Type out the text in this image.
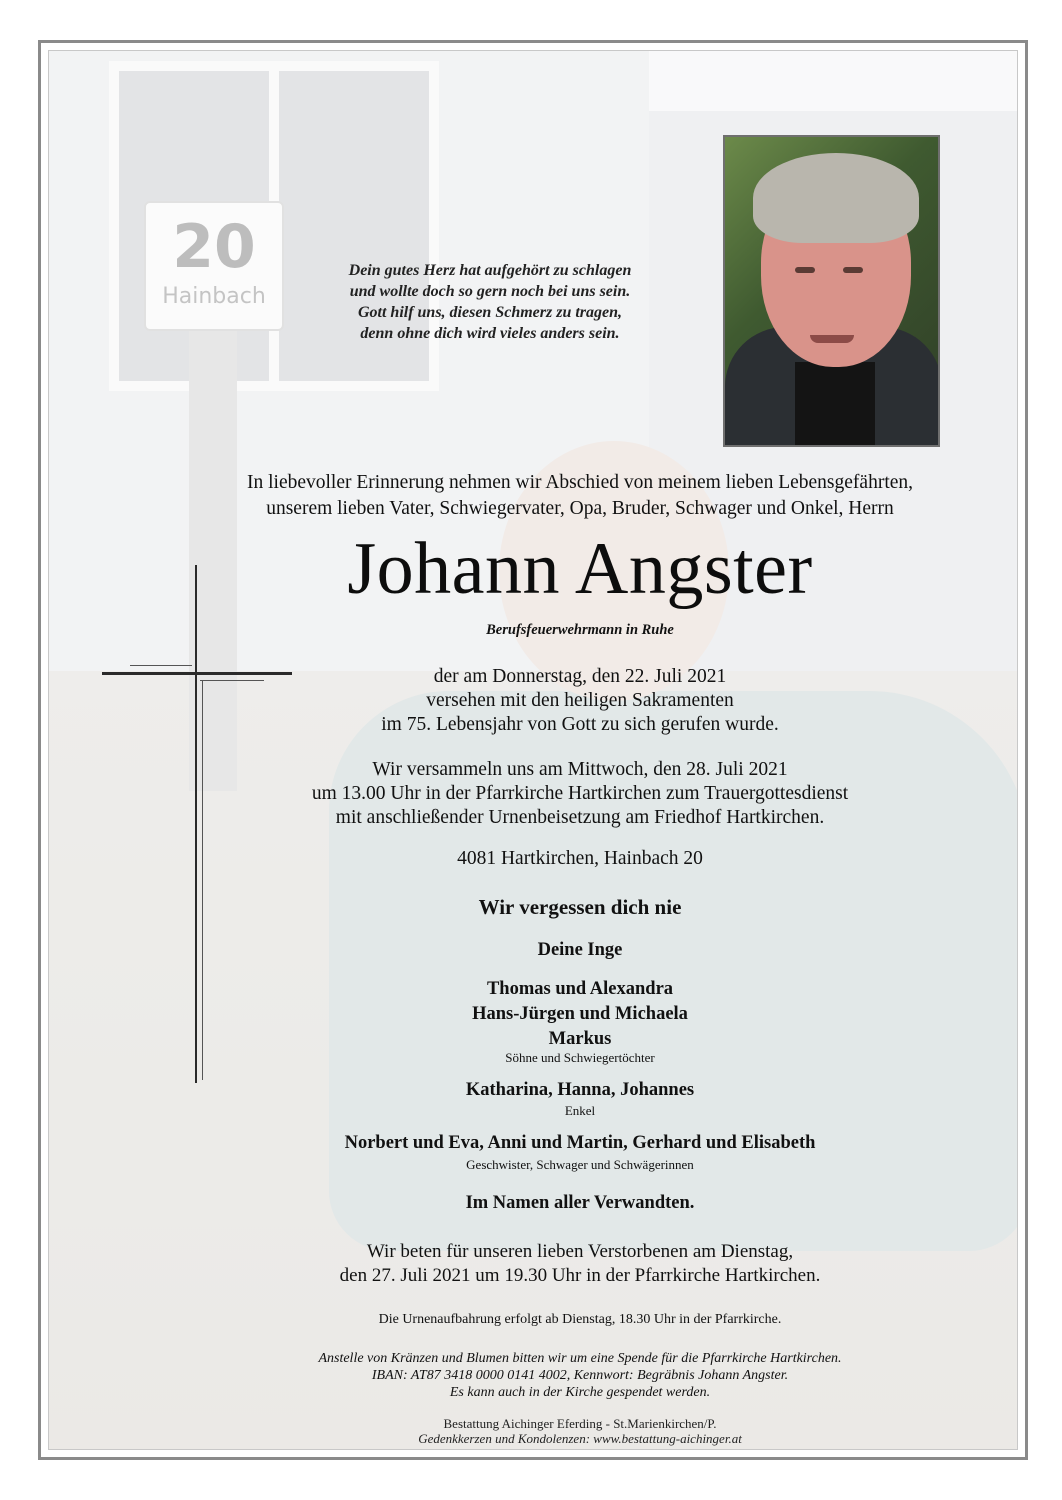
20
Hainbach
Dein gutes Herz hat aufgehört zu schlagen
und wollte doch so gern noch bei uns sein.
Gott hilf uns, diesen Schmerz zu tragen,
denn ohne dich wird vieles anders sein.
In liebevoller Erinnerung nehmen wir Abschied von meinem lieben Lebensgefährten,
unserem lieben Vater, Schwiegervater, Opa, Bruder, Schwager und Onkel, Herrn
Johann Angster
Berufsfeuerwehrmann in Ruhe
der am Donnerstag, den 22. Juli 2021
versehen mit den heiligen Sakramenten
im 75. Lebensjahr von Gott zu sich gerufen wurde.
Wir versammeln uns am Mittwoch, den 28. Juli 2021
um 13.00 Uhr in der Pfarrkirche Hartkirchen zum Trauergottesdienst
mit anschließender Urnenbeisetzung am Friedhof Hartkirchen.
4081 Hartkirchen, Hainbach 20
Wir vergessen dich nie
Deine Inge
Thomas und Alexandra
Hans-Jürgen und Michaela
Markus
Söhne und Schwiegertöchter
Katharina, Hanna, Johannes
Enkel
Norbert und Eva, Anni und Martin, Gerhard und Elisabeth
Geschwister, Schwager und Schwägerinnen
Im Namen aller Verwandten.
Wir beten für unseren lieben Verstorbenen am Dienstag,
den 27. Juli 2021 um 19.30 Uhr in der Pfarrkirche Hartkirchen.
Die Urnenaufbahrung erfolgt ab Dienstag, 18.30 Uhr in der Pfarrkirche.
Anstelle von Kränzen und Blumen bitten wir um eine Spende für die Pfarrkirche Hartkirchen.
IBAN: AT87 3418 0000 0141 4002, Kennwort: Begräbnis Johann Angster.
Es kann auch in der Kirche gespendet werden.
Bestattung Aichinger Eferding - St.Marienkirchen/P.
Gedenkkerzen und Kondolenzen: www.bestattung-aichinger.at
